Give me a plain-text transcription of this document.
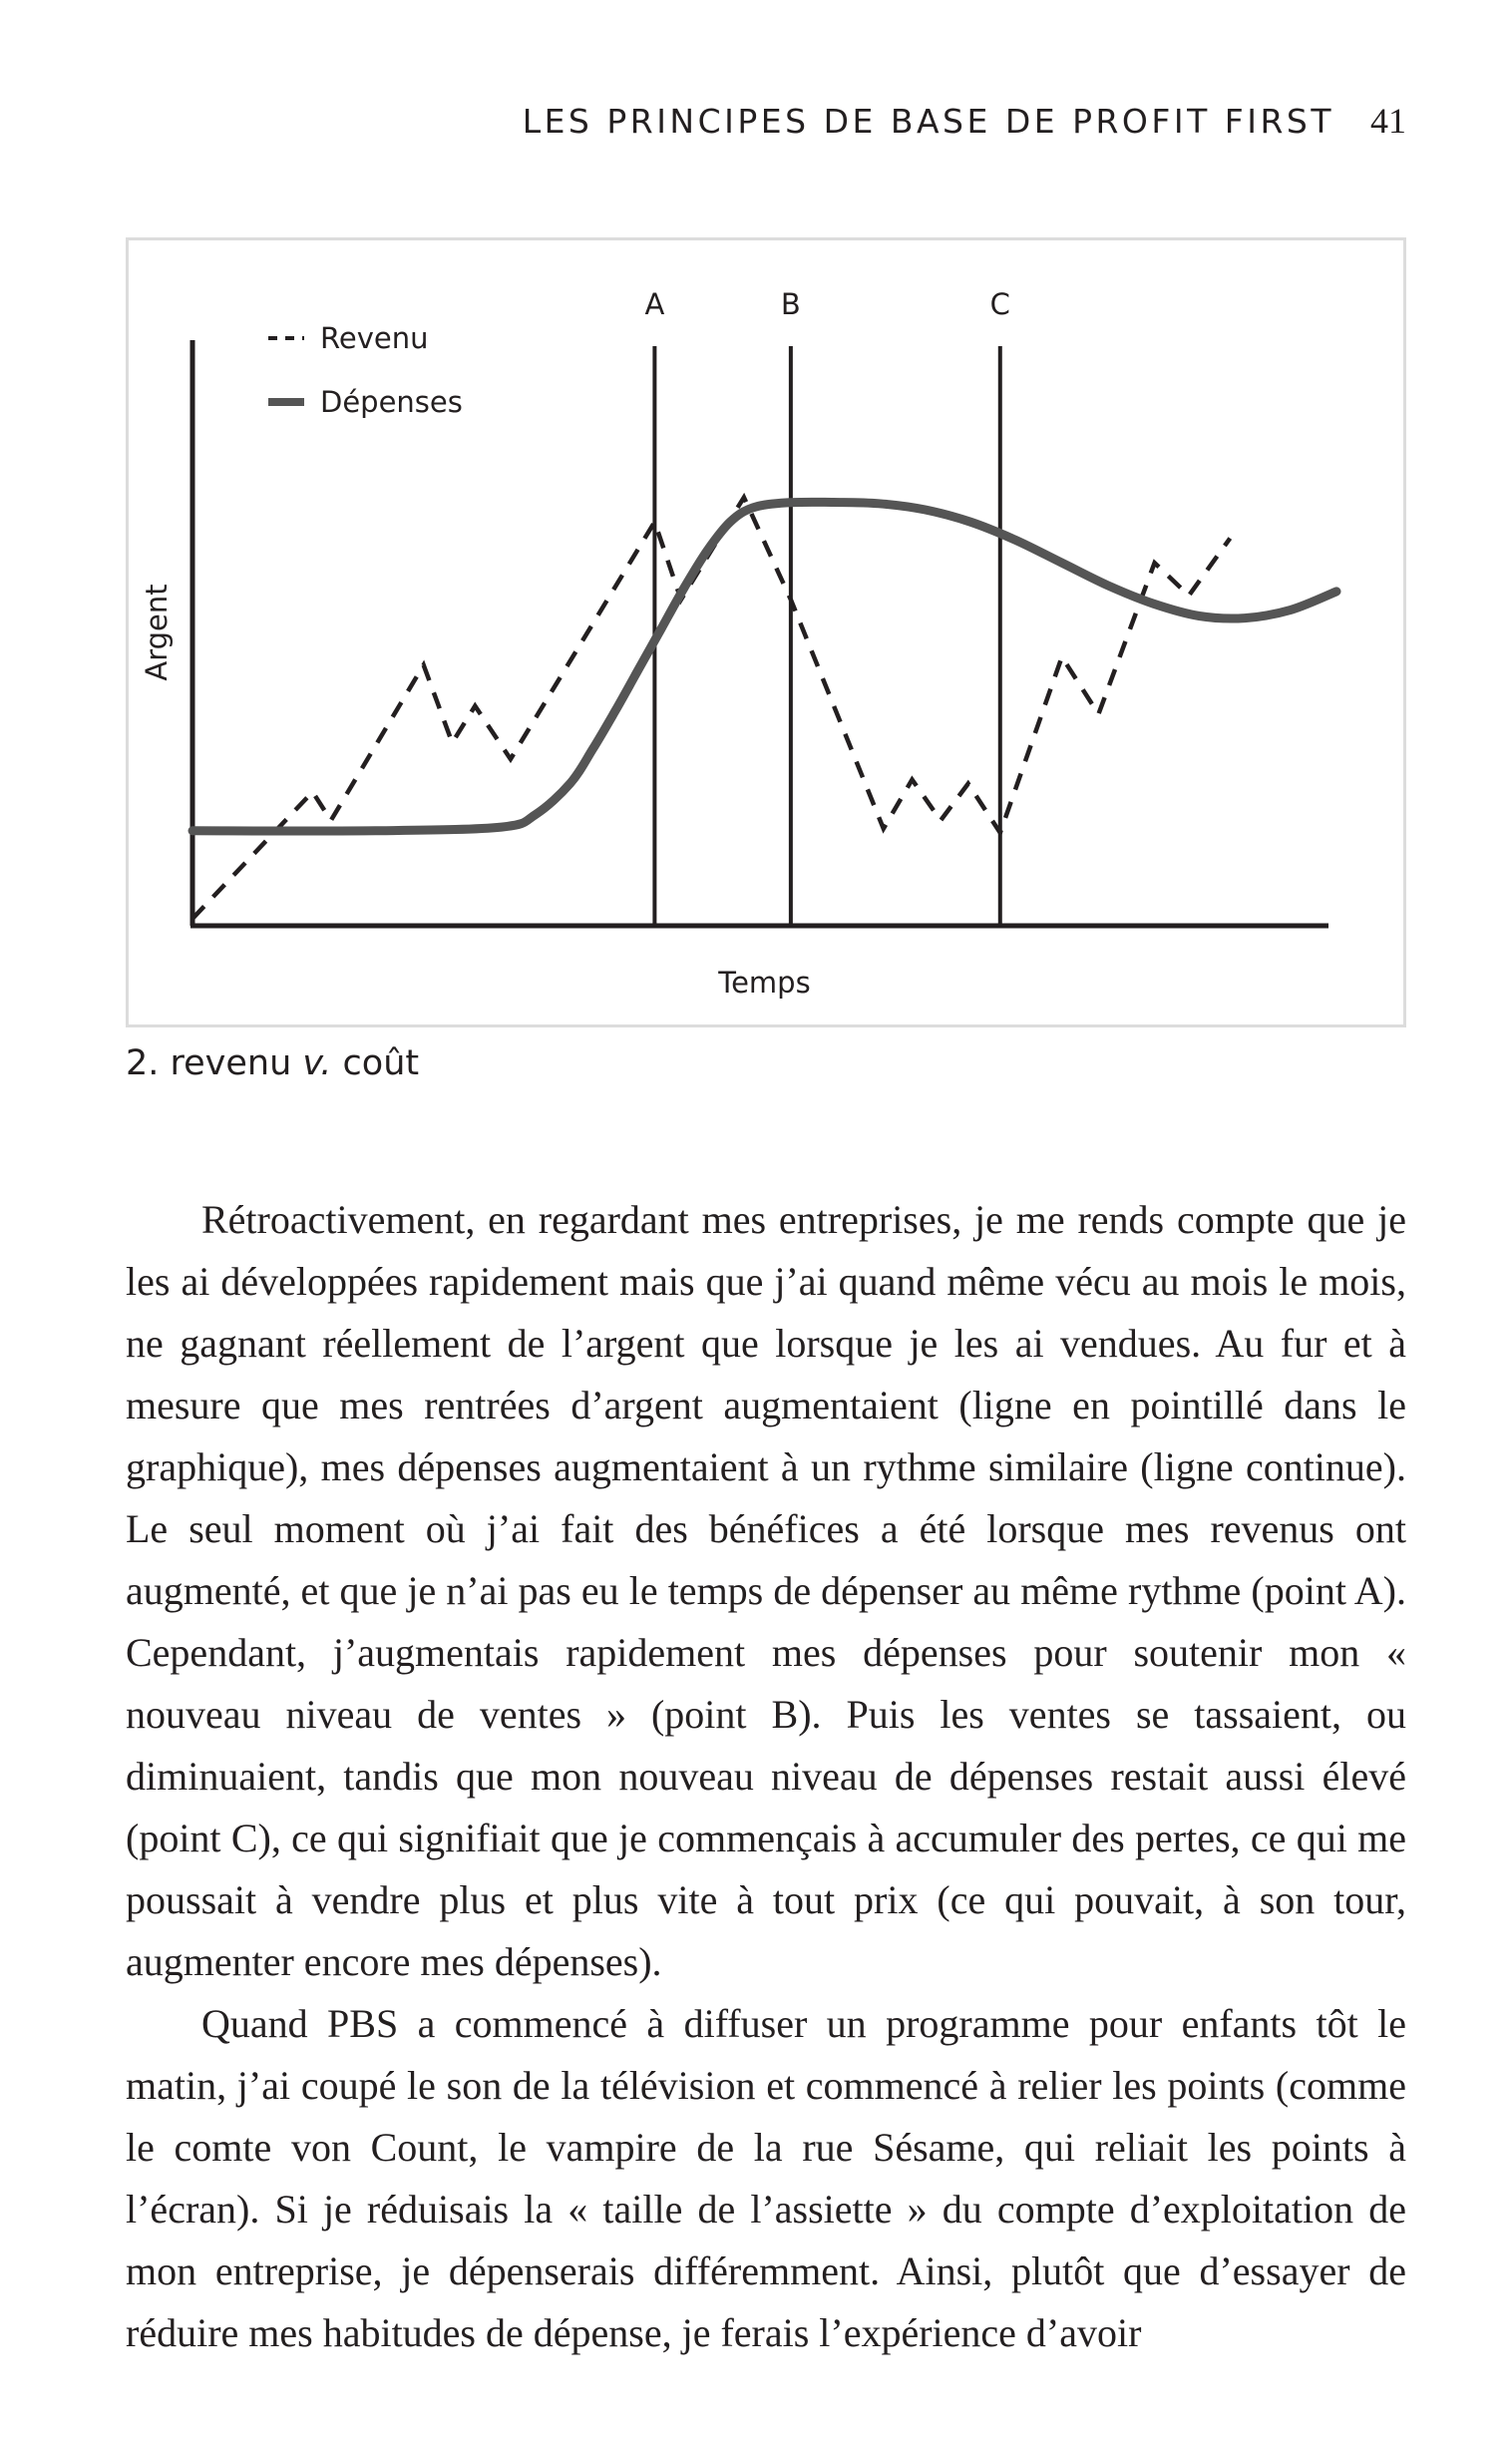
LES PRINCIPES DE BASE DE PROFIT FIRST 41
Temps
Argent
A	B	C
Revenu
Dépenses
2. revenu v. coût

Rétroactivement, en regardant mes entreprises, je me rends compte que je les ai développées rapidement mais que j’ai quand même vécu au mois le mois, ne gagnant réellement de l’argent que lorsque je les ai vendues. Au fur et à mesure que mes rentrées d’argent augmentaient (ligne en pointillé dans le graphique), mes dépenses augmentaient à un rythme similaire (ligne continue). Le seul moment où j’ai fait des bénéfices a été lorsque mes revenus ont augmenté, et que je n’ai pas eu le temps de dépenser au même rythme (point A). Cependant, j’augmentais rapidement mes dépenses pour soutenir mon « nouveau niveau de ventes » (point B). Puis les ventes se tassaient, ou diminuaient, tandis que mon nouveau niveau de dépenses restait aussi élevé (point C), ce qui signifiait que je commençais à accumuler des pertes, ce qui me poussait à vendre plus et plus vite à tout prix (ce qui pouvait, à son tour, augmenter encore mes dépenses).

Quand PBS a commencé à diffuser un programme pour enfants tôt le matin, j’ai coupé le son de la télévision et commencé à relier les points (comme le comte von Count, le vampire de la rue Sésame, qui reliait les points à l’écran). Si je réduisais la « taille de l’assiette » du compte d’exploitation de mon entreprise, je dépenserais différemment. Ainsi, plutôt que d’essayer de réduire mes habitudes de dépense, je ferais l’expérience d’avoir
